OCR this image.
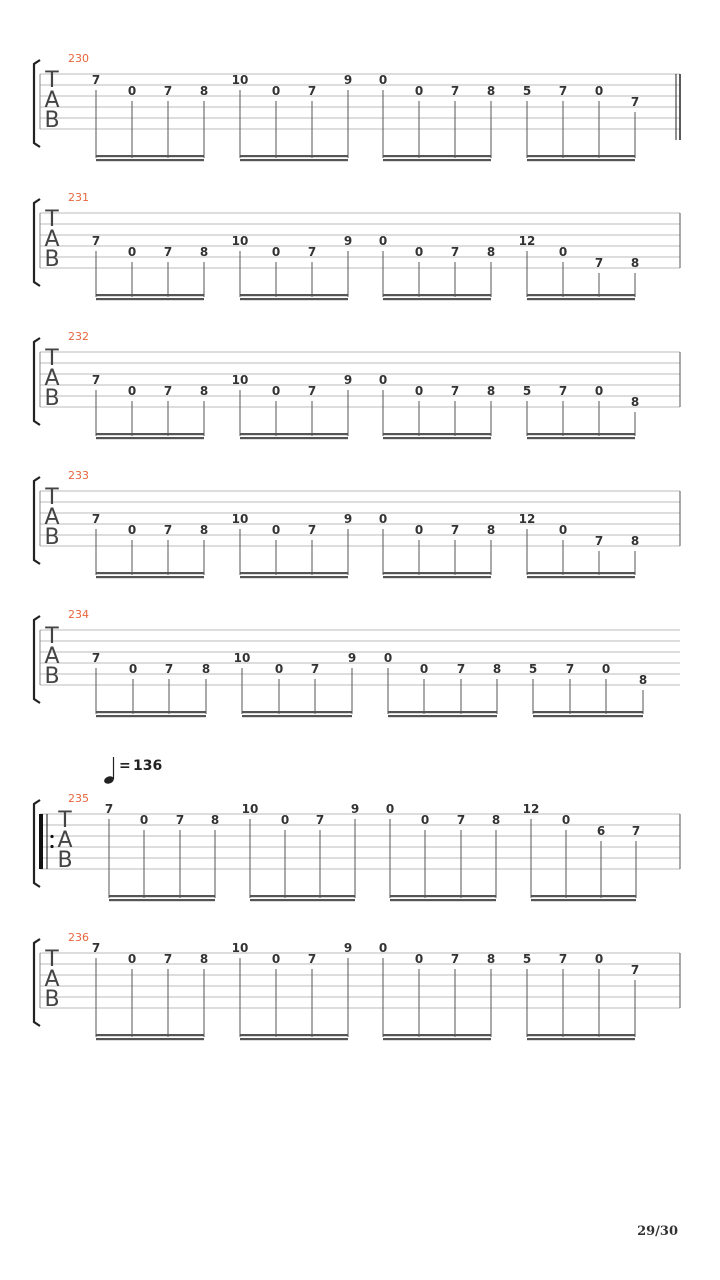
230
T
A
B
7
0 7 8
10
0 7
9 0
0 7 8 5 7 0
7
231
T
A
B
7
0 7 8
10
0 7
9 0
0 7 8
12
0
7 8
232
T
A
B
7
0 7 8
10
0 7
9 0
0 7 8 5 7 0
8
233
T
A
B
7
0 7 8
10
0 7
9 0
0 7 8
12
0
7 8
234
T
A
B
7
0 7 8
10
0 7
9 0
0 7 8 5 7 0
8
235
T
A
B
7
0 7 8
10
0 7
9 0
0 7 8
12
0
6 7
236
T
A
B
7
0 7 8
10
0 7
9 0
0 7 8 5 7 0
7
= 136
29/30
